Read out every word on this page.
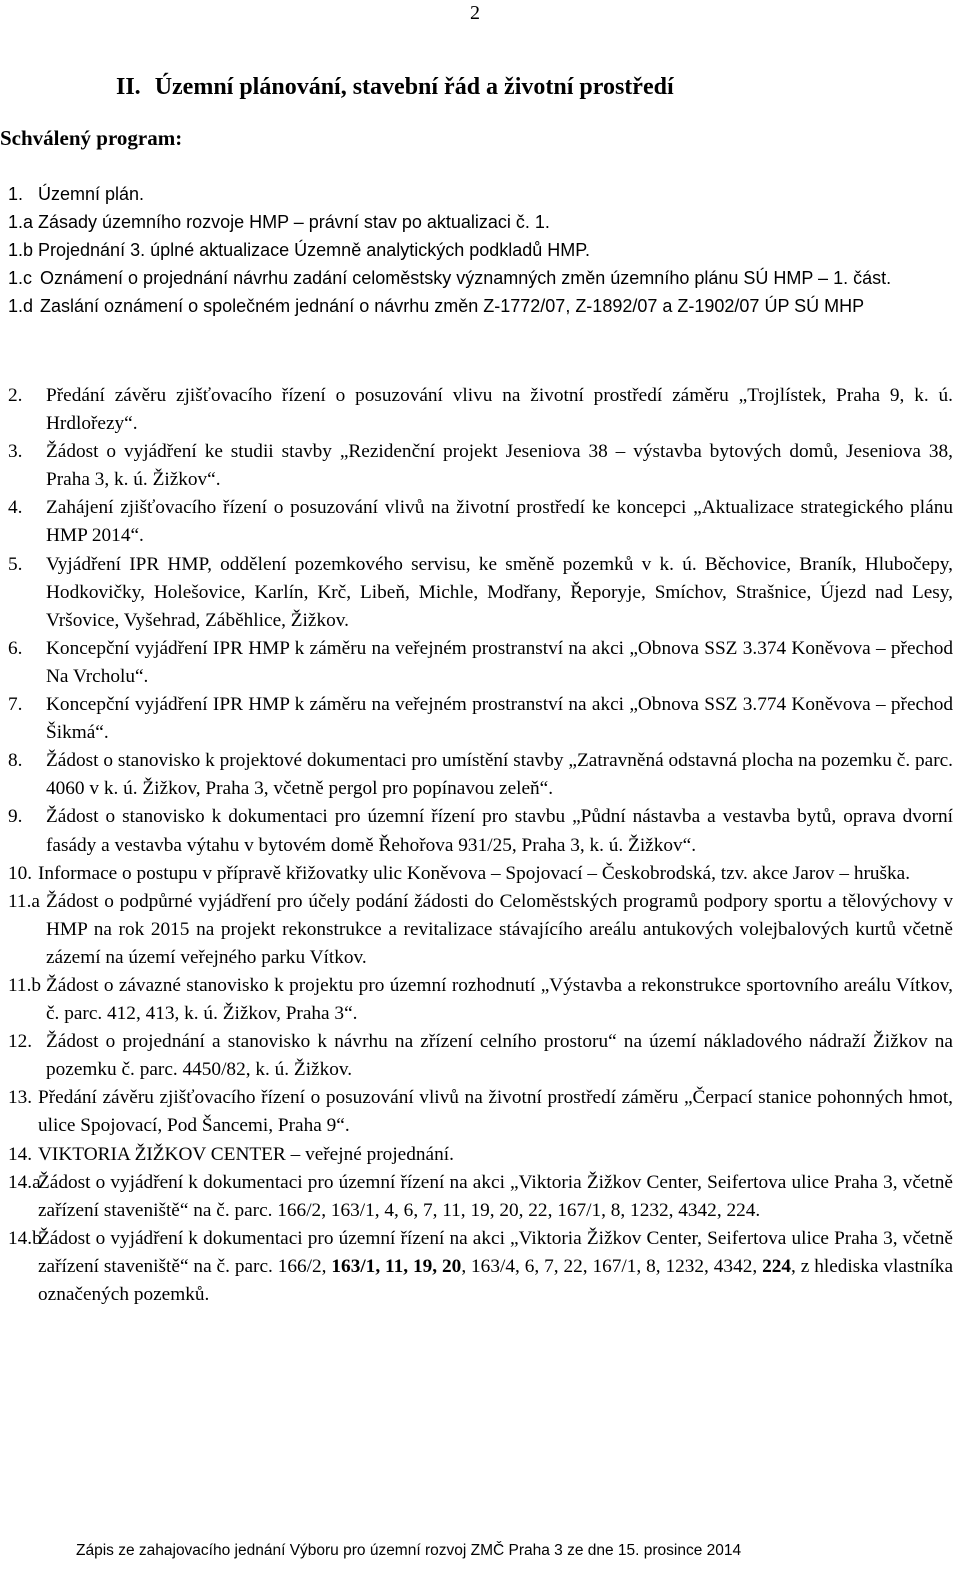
2
II. Územní plánování, stavební řád a životní prostředí
Schválený program:
1. Územní plán.
1.a Zásady územního rozvoje HMP – právní stav po aktualizaci č. 1.
1.b Projednání 3. úplné aktualizace Územně analytických podkladů HMP.
1.c Oznámení o projednání návrhu zadání celoměstsky významných změn územního plánu SÚ HMP – 1. část.
1.d Zaslání oznámení o společném jednání o návrhu změn Z-1772/07, Z-1892/07 a Z-1902/07 ÚP SÚ MHP
2.	Předání závěru zjišťovacího řízení o posuzování vlivu na životní prostředí záměru „Trojlístek, Praha 9, k. ú. Hrdlořezy“.
3.	Žádost o vyjádření ke studii stavby „Rezidenční projekt Jeseniova 38 – výstavba bytových domů, Jeseniova 38, Praha 3, k. ú. Žižkov“.
4.	Zahájení zjišťovacího řízení o posuzování vlivů na životní prostředí ke koncepci „Aktualizace strategického plánu HMP 2014“.
5.	Vyjádření IPR HMP, oddělení pozemkového servisu, ke směně pozemků v k. ú. Běchovice, Braník, Hlubočepy, Hodkovičky, Holešovice, Karlín, Krč, Libeň, Michle, Modřany, Řeporyje, Smíchov, Strašnice, Újezd nad Lesy, Vršovice, Vyšehrad, Záběhlice, Žižkov.
6.	Koncepční vyjádření IPR HMP k záměru na veřejném prostranství na akci „Obnova SSZ 3.374 Koněvova – přechod Na Vrcholu“.
7.	Koncepční vyjádření IPR HMP k záměru na veřejném prostranství na akci „Obnova SSZ 3.774 Koněvova – přechod Šikmá“.
8.	Žádost o stanovisko k projektové dokumentaci pro umístění stavby „Zatravněná odstavná plocha na pozemku č. parc. 4060 v k. ú. Žižkov, Praha 3, včetně pergol pro popínavou zeleň“.
9.	Žádost o stanovisko k dokumentaci pro územní řízení pro stavbu „Půdní nástavba a vestavba bytů, oprava dvorní fasády a vestavba výtahu v bytovém domě Řehořova 931/25, Praha 3, k. ú. Žižkov“.
10. Informace o postupu v přípravě křižovatky ulic Koněvova – Spojovací – Českobrodská, tzv. akce Jarov – hruška.
11.a Žádost o podpůrné vyjádření pro účely podání žádosti do Celoměstských programů podpory sportu a tělovýchovy v HMP na rok 2015 na projekt rekonstrukce a revitalizace stávajícího areálu antukových volejbalových kurtů včetně zázemí na území veřejného parku Vítkov.
11.b Žádost o závazné stanovisko k projektu pro územní rozhodnutí „Výstavba a rekonstrukce sportovního areálu Vítkov, č. parc. 412, 413, k. ú. Žižkov, Praha 3“.
12. Žádost o projednání a stanovisko k návrhu na zřízení celního prostoru“ na území nákladového nádraží Žižkov na pozemku č. parc. 4450/82, k. ú. Žižkov.
13. Předání závěru zjišťovacího řízení o posuzování vlivů na životní prostředí záměru „Čerpací stanice pohonných hmot, ulice Spojovací, Pod Šancemi, Praha 9“.
14. VIKTORIA ŽIŽKOV CENTER – veřejné projednání.
14.a
Žádost o vyjádření k dokumentaci pro územní řízení na akci „Viktoria Žižkov Center, Seifertova ulice Praha 3, včetně zařízení staveniště“ na č. parc. 166/2, 163/1, 4, 6, 7, 11, 19, 20, 22, 167/1, 8, 1232, 4342, 224.
14.b
Žádost o vyjádření k dokumentaci pro územní řízení na akci „Viktoria Žižkov Center, Seifertova ulice Praha 3, včetně zařízení staveniště“ na č. parc. 166/2, 163/1, 11, 19, 20, 163/4, 6, 7, 22, 167/1, 8, 1232, 4342, 224, z hlediska vlastníka označených pozemků.
Zápis ze zahajovacího jednání Výboru pro územní rozvoj ZMČ Praha 3 ze dne 15. prosince 2014
